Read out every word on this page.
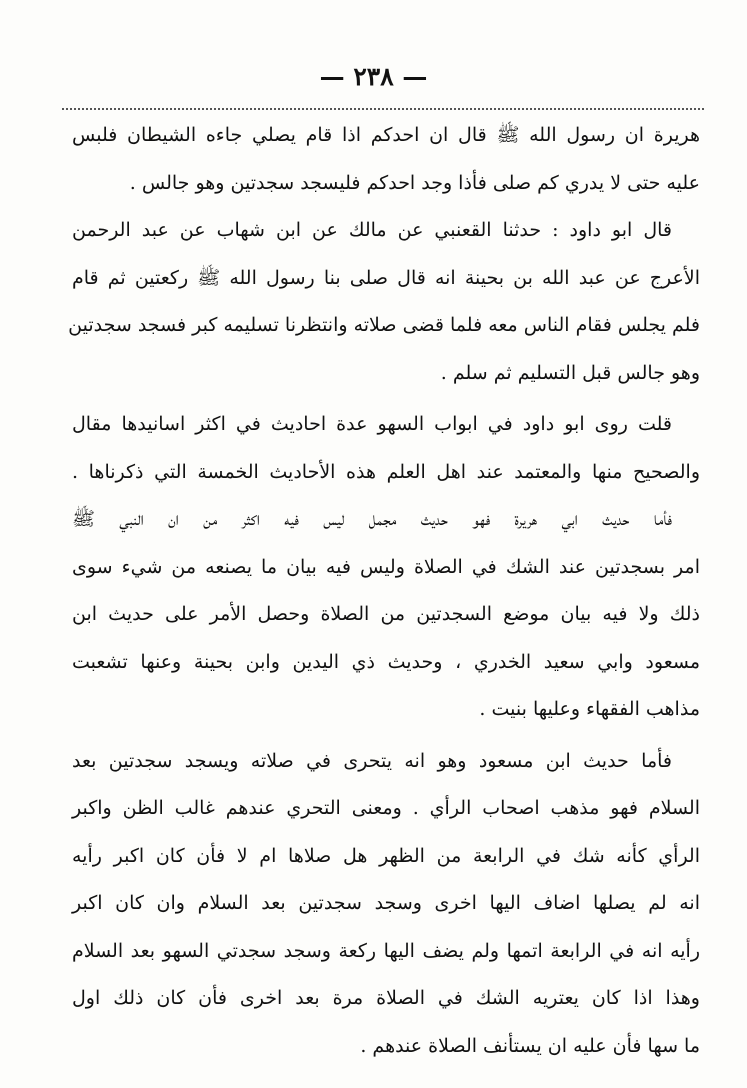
— ٢٣٨ —
هريرة ان رسول الله ﷺ قال ان احدكم اذا قام يصلي جاءه الشيطان فلبس
عليه حتى لا يدري كم صلى فأذا وجد احدكم فليسجد سجدتين وهو جالس .
قال ابو داود : حدثنا القعنبي عن مالك عن ابن شهاب عن عبد الرحمن
الأعرج عن عبد الله بن بحينة انه قال صلى بنا رسول الله ﷺ ركعتين ثم قام
فلم يجلس فقام الناس معه فلما قضى صلاته وانتظرنا تسليمه كبر فسجد سجدتين
وهو جالس قبل التسليم ثم سلم .
قلت روى ابو داود في ابواب السهو عدة احاديث في اكثر اسانيدها مقال
والصحيح منها والمعتمد عند اهل العلم هذه الأحاديث الخمسة التي ذكرناها .
فأما حديث ابي هريرة فهو حديث مجمل ليس فيه اكثر من ان النبي ﷺ
امر بسجدتين عند الشك في الصلاة وليس فيه بيان ما يصنعه من شيء سوى
ذلك ولا فيه بيان موضع السجدتين من الصلاة وحصل الأمر على حديث ابن
مسعود وابي سعيد الخدري ، وحديث ذي اليدين وابن بحينة وعنها تشعبت
مذاهب الفقهاء وعليها بنيت .
فأما حديث ابن مسعود وهو انه يتحرى في صلاته ويسجد سجدتين بعد
السلام فهو مذهب اصحاب الرأي . ومعنى التحري عندهم غالب الظن واكبر
الرأي كأنه شك في الرابعة من الظهر هل صلاها ام لا فأن كان اكبر رأيه
انه لم يصلها اضاف اليها اخرى وسجد سجدتين بعد السلام وان كان اكبر
رأيه انه في الرابعة اتمها ولم يضف اليها ركعة وسجد سجدتي السهو بعد السلام
وهذا اذا كان يعتريه الشك في الصلاة مرة بعد اخرى فأن كان ذلك اول
ما سها فأن عليه ان يستأنف الصلاة عندهم .
